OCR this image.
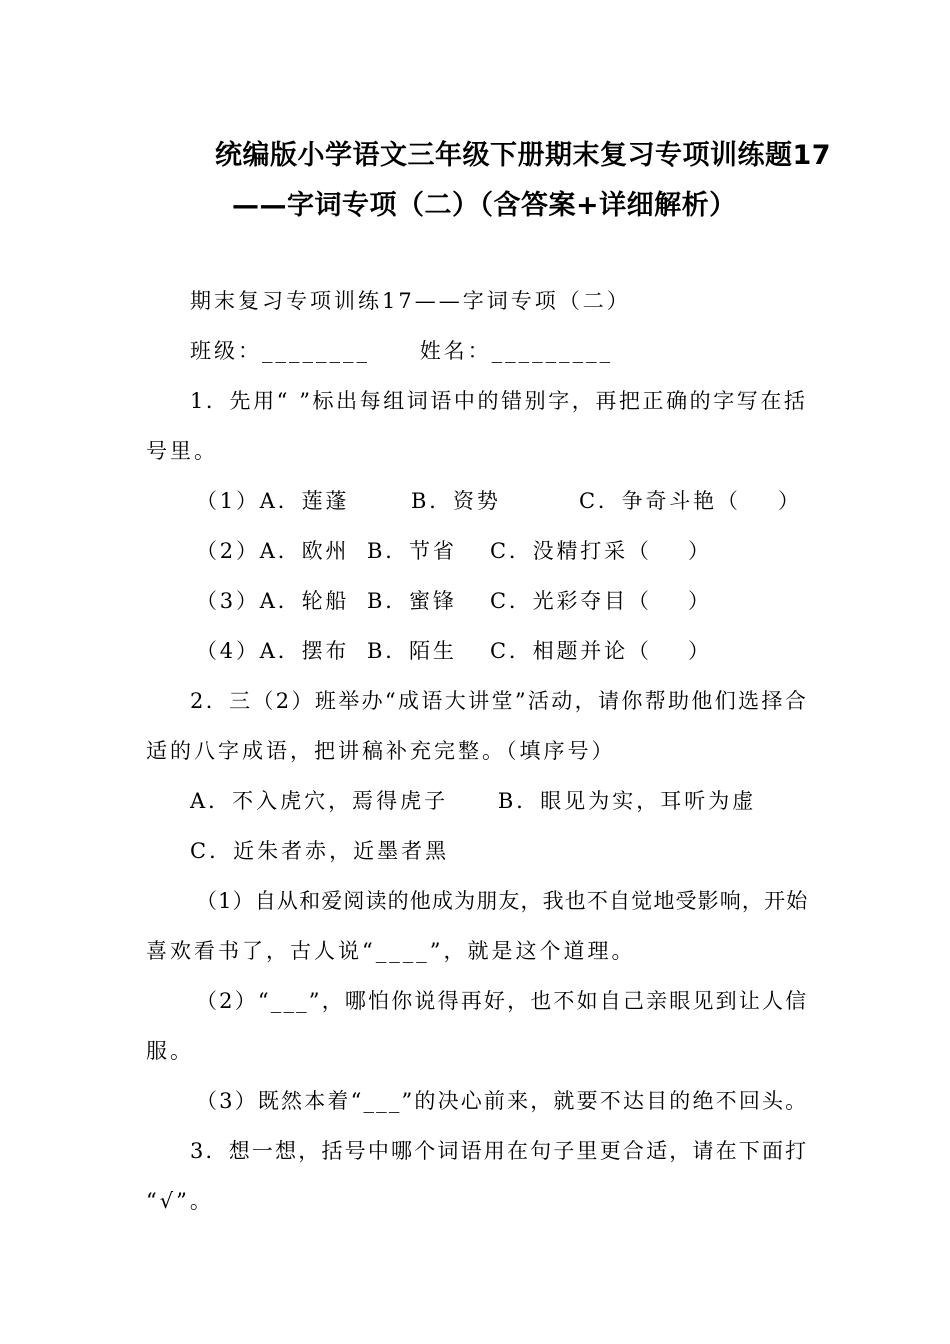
统编版小学语文三年级下册期末复习专项训练题17
——字词专项（二）（含答案+详细解析）
期末复习专项训练17——字词专项（二）
班级：________ 姓名：_________
1．先用“ ”标出每组词语中的错别字，再把正确的字写在括
号里。
（1）A．莲蓬	B．资势	C．争奇斗艳（ ）
（2）A．欧州 B．节省 C．没精打采（ ）
（3）A．轮船 B．蜜锋 C．光彩夺目（ ）
（4）A．摆布 B．陌生 C．相题并论（ ）
2．三（2）班举办“成语大讲堂”活动，请你帮助他们选择合
适的八字成语，把讲稿补充完整。（填序号）
A．不入虎穴，焉得虎子 B．眼见为实，耳听为虚
C．近朱者赤，近墨者黑
（1）自从和爱阅读的他成为朋友，我也不自觉地受影响，开始
喜欢看书了，古人说“____”，就是这个道理。
（2）“___”，哪怕你说得再好，也不如自己亲眼见到让人信
服。
（3）既然本着“___”的决心前来，就要不达目的绝不回头。
3．想一想，括号中哪个词语用在句子里更合适，请在下面打
“√”。
